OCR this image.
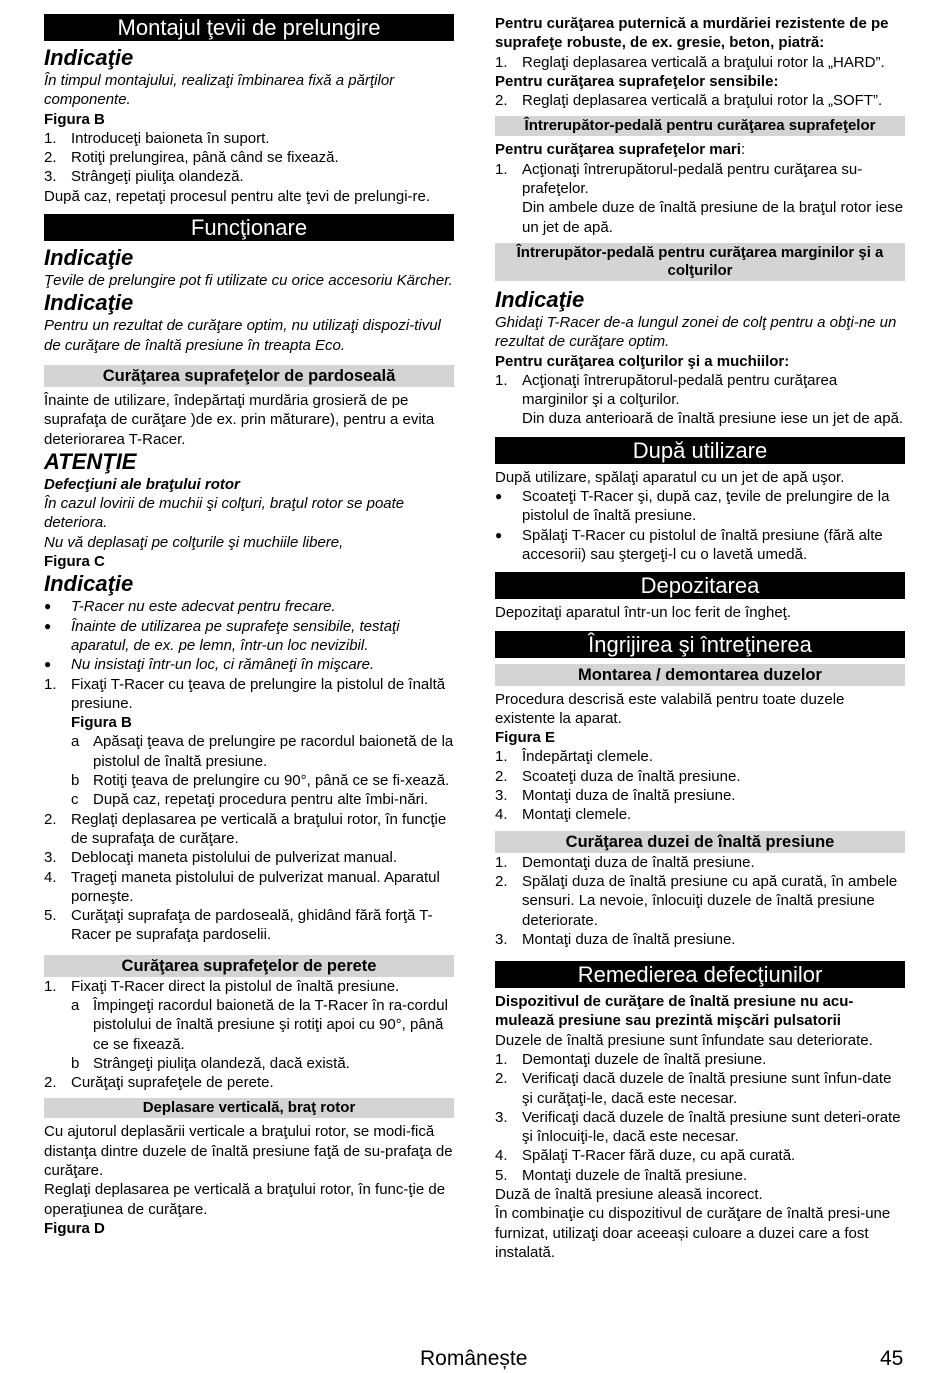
Montajul ţevii de prelungire
Indicaţie
În timpul montajului, realizaţi îmbinarea fixă a părţilor componente.
Figura B
1. Introduceţi baioneta în suport.
2. Rotiţi prelungirea, până când se fixează.
3. Strângeţi piuliţa olandeză.
După caz, repetaţi procesul pentru alte ţevi de prelungi-re.
Funcţionare
Indicaţie
Ţevile de prelungire pot fi utilizate cu orice accesoriu Kärcher.
Indicaţie
Pentru un rezultat de curăţare optim, nu utilizaţi dispozi-tivul de curăţare de înaltă presiune în treapta Eco.
Curăţarea suprafeţelor de pardoseală
Înainte de utilizare, îndepărtaţi murdăria grosieră de pe suprafaţa de curăţare )de ex. prin măturare), pentru a evita deteriorarea T-Racer.
ATENŢIE
Defecţiuni ale braţului rotor
În cazul lovirii de muchii şi colţuri, braţul rotor se poate deteriora.
Nu vă deplasaţi pe colţurile şi muchiile libere,
Figura C
Indicaţie
●	T-Racer nu este adecvat pentru frecare.
●	Înainte de utilizarea pe suprafeţe sensibile, testaţi aparatul, de ex. pe lemn, într-un loc nevizibil.
●	Nu insistaţi într-un loc, ci rămâneţi în mişcare.
1. Fixaţi T-Racer cu ţeava de prelungire la pistolul de înaltă presiune.
Figura B
a Apăsaţi ţeava de prelungire pe racordul baionetă de la pistolul de înaltă presiune.
b Rotiţi ţeava de prelungire cu 90°, până ce se fi-xează.
c După caz, repetaţi procedura pentru alte îmbi-nări.
2. Reglaţi deplasarea pe verticală a braţului rotor, în funcţie de suprafaţa de curăţare.
3. Deblocaţi maneta pistolului de pulverizat manual.
4. Trageţi maneta pistolului de pulverizat manual. Aparatul porneşte.
5. Curăţaţi suprafaţa de pardoseală, ghidând fără forţă T-Racer pe suprafaţa pardoselii.
Curăţarea suprafeţelor de perete
1. Fixaţi T-Racer direct la pistolul de înaltă presiune.
a Împingeţi racordul baionetă de la T-Racer în ra-cordul pistolului de înaltă presiune şi rotiţi apoi cu 90°, până ce se fixează.
b Strângeţi piuliţa olandeză, dacă există.
2. Curăţaţi suprafeţele de perete.
Deplasare verticală, braţ rotor
Cu ajutorul deplasării verticale a braţului rotor, se modi-fică distanţa dintre duzele de înaltă presiune faţă de su-prafaţa de curăţare.
Reglaţi deplasarea pe verticală a braţului rotor, în func-ţie de operaţiunea de curăţare.
Figura D
Pentru curăţarea puternică a murdăriei rezistente de pe suprafeţe robuste, de ex. gresie, beton, piatră:
1. Reglaţi deplasarea verticală a braţului rotor la „HARD”.
Pentru curăţarea suprafeţelor sensibile:
2. Reglaţi deplasarea verticală a braţului rotor la „SOFT”.
Întrerupător-pedală pentru curăţarea suprafeţelor
Pentru curăţarea suprafeţelor mari:
1. Acţionaţi întrerupătorul-pedală pentru curăţarea su-prafeţelor.
Din ambele duze de înaltă presiune de la braţul rotor iese un jet de apă.
Întrerupător-pedală pentru curăţarea marginilor şi a colţurilor
Indicaţie
Ghidaţi T-Racer de-a lungul zonei de colţ pentru a obţi-ne un rezultat de curăţare optim.
Pentru curăţarea colţurilor şi a muchiilor:
1. Acţionaţi întrerupătorul-pedală pentru curăţarea marginilor şi a colţurilor.
Din duza anterioară de înaltă presiune iese un jet de apă.
După utilizare
După utilizare, spălaţi aparatul cu un jet de apă uşor.
●	Scoateţi T-Racer şi, după caz, ţevile de prelungire de la pistolul de înaltă presiune.
●	Spălaţi T-Racer cu pistolul de înaltă presiune (fără alte accesorii) sau ştergeţi-l cu o lavetă umedă.
Depozitarea
Depozitaţi aparatul într-un loc ferit de îngheţ.
Îngrijirea şi întreţinerea
Montarea / demontarea duzelor
Procedura descrisă este valabilă pentru toate duzele existente la aparat.
Figura E
1. Îndepărtaţi clemele.
2. Scoateţi duza de înaltă presiune.
3. Montaţi duza de înaltă presiune.
4. Montaţi clemele.
Curăţarea duzei de înaltă presiune
1. Demontaţi duza de înaltă presiune.
2. Spălaţi duza de înaltă presiune cu apă curată, în ambele sensuri. La nevoie, înlocuiţi duzele de înaltă presiune deteriorate.
3. Montaţi duza de înaltă presiune.
Remedierea defecţiunilor
Dispozitivul de curăţare de înaltă presiune nu acu-mulează presiune sau prezintă mişcări pulsatorii
Duzele de înaltă presiune sunt înfundate sau deteriorate.
1. Demontaţi duzele de înaltă presiune.
2. Verificaţi dacă duzele de înaltă presiune sunt înfun-date şi curăţaţi-le, dacă este necesar.
3. Verificaţi dacă duzele de înaltă presiune sunt deteri-orate şi înlocuiţi-le, dacă este necesar.
4. Spălaţi T-Racer fără duze, cu apă curată.
5. Montaţi duzele de înaltă presiune.
Duză de înaltă presiune aleasă incorect.
În combinaţie cu dispozitivul de curăţare de înaltă presi-une furnizat, utilizaţi doar aceeași culoare a duzei care a fost instalată.
Românește	45
